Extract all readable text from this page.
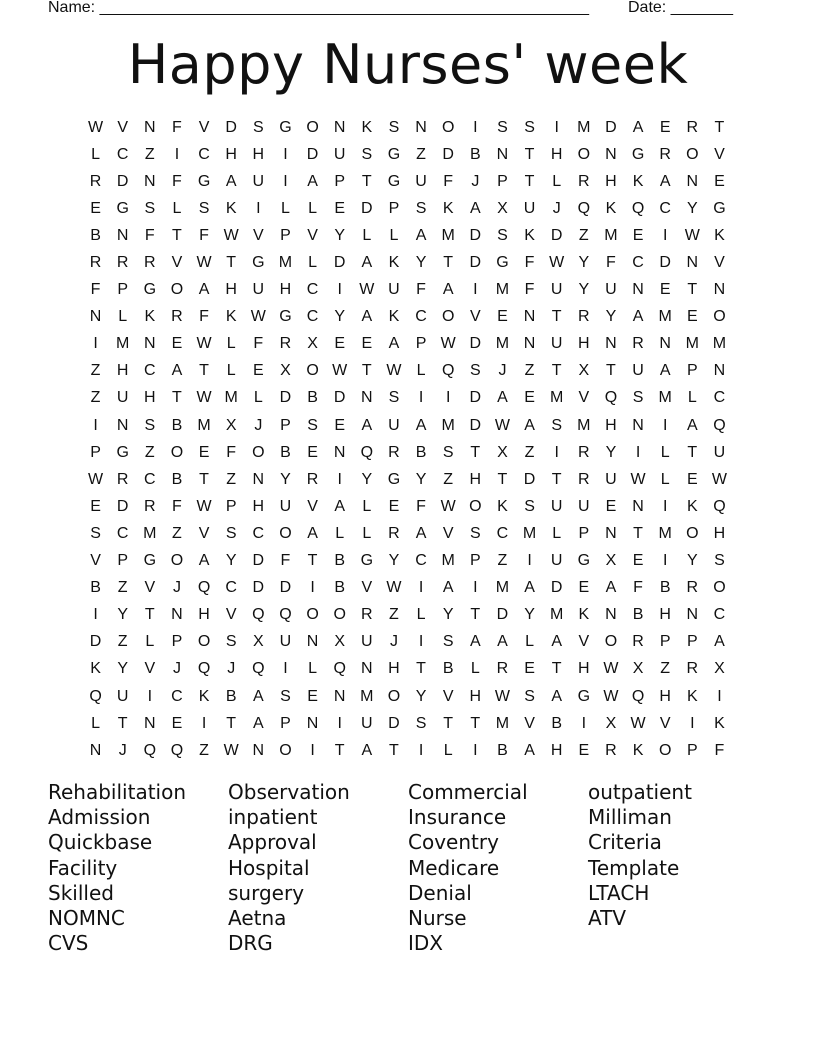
Name: _______________________________________________________ Date: _______
Happy Nurses' week
W V	N	F	V	D	S G O N	K	S	N O	I	S	S	I	M D	A	E	R	T
L	C	Z	I	C H H	I	D U	S G	Z	D	B	N	T	H O N G R O V
R D N	F	G A	U	I	A	P	T	G U	F	J	P	T	L	R H	K	A	N	E
E G S	L	S	K	I	L	L	E	D	P	S	K	A	X	U	J	Q K Q C	Y G
B	N	F	T	F W V	P	V	Y	L	L	A M D	S	K	D	Z M E	I	W K
R R R	V W T	G M	L	D	A	K	Y	T	D G	F W Y	F	C D N	V
F	P G O A	H U H C	I	W U	F	A	I	M F	U	Y	U N	E	T	N
N	L	K	R	F	K W G C	Y	A	K	C O V	E	N	T	R	Y	A M E O
I	M N	E W L	F	R	X	E	E	A	P W D M N U H N R N M M
Z	H C	A	T	L	E	X O W T W L	Q S	J	Z	T	X	T	U	A	P	N
Z	U H	T W M	L	D	B	D N	S	I	I	D	A	E M V Q S M	L	C
I	N	S	B M X	J	P	S	E	A	U	A M D W A	S M H N	I	A Q
P G	Z	O E	F	O B	E	N Q R	B	S	T	X	Z	I	R	Y	I	L	T	U
W R C	B	T	Z	N	Y	R	I	Y G Y	Z	H	T	D	T	R U W L	E W
E	D R	F W P	H U	V	A	L	E	F W O K	S	U U	E	N	I	K Q
S	C M Z	V	S	C O A	L	L	R	A	V	S	C M	L	P	N	T M O H
V	P G O A	Y	D	F	T	B G Y	C M P	Z	I	U G X	E	I	Y	S
B	Z	V	J	Q C D D	I	B	V W	I	A	I	M A	D	E	A	F	B	R O
I	Y	T	N H	V Q Q O O R	Z	L	Y	T	D	Y M K	N	B	H N C
D	Z	L	P O S	X	U N	X	U	J	I	S	A	A	L	A	V O R	P	P	A
K	Y	V	J	Q	J	Q	I	L	Q N H	T	B	L	R	E	T	H W X	Z	R	X
Q U	I	C	K	B	A	S	E	N M O Y	V	H W S	A G W Q H	K	I
L	T	N	E	I	T	A	P	N	I	U D	S	T	T M V	B	I	X W V	I	K
N	J	Q Q	Z W N O	I	T	A	T	I	L	I	B	A	H	E	R	K O P	F
Rehabilitation	Observation	Commercial	outpatient
Admission	inpatient	Insurance	Milliman
Quickbase	Approval	Coventry	Criteria
Facility	Hospital	Medicare	Template
Skilled	surgery	Denial	LTACH
NOMNC	Aetna	Nurse	ATV
CVS	DRG	IDX
